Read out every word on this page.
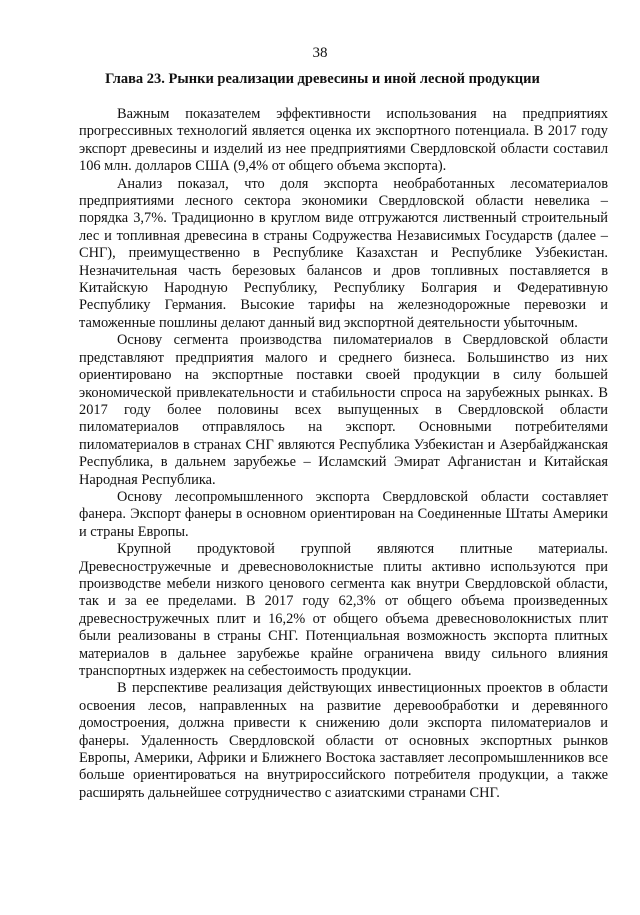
38
Глава 23. Рынки реализации древесины и иной лесной продукции

Важным показателем эффективности использования на предприятиях прогрессивных технологий является оценка их экспортного потенциала. В 2017 году экспорт древесины и изделий из нее предприятиями Свердловской области составил 106 млн. долларов США (9,4% от общего объема экспорта).

Анализ показал, что доля экспорта необработанных лесоматериалов предприятиями лесного сектора экономики Свердловской области невелика – порядка 3,7%. Традиционно в круглом виде отгружаются лиственный строительный лес и топливная древесина в страны Содружества Независимых Государств (далее – СНГ), преимущественно в Республике Казахстан и Республике Узбекистан. Незначительная часть березовых балансов и дров топливных поставляется в Китайскую Народную Республику, Республику Болгария и Федеративную Республику Германия. Высокие тарифы на железнодорожные перевозки и таможенные пошлины делают данный вид экспортной деятельности убыточным.

Основу сегмента производства пиломатериалов в Свердловской области представляют предприятия малого и среднего бизнеса. Большинство из них ориентировано на экспортные поставки своей продукции в силу большей экономической привлекательности и стабильности спроса на зарубежных рынках. В 2017 году более половины всех выпущенных в Свердловской области пиломатериалов отправлялось на экспорт. Основными потребителями пиломатериалов в странах СНГ являются Республика Узбекистан и Азербайджанская Республика, в дальнем зарубежье – Исламский Эмират Афганистан и Китайская Народная Республика.

Основу лесопромышленного экспорта Свердловской области составляет фанера. Экспорт фанеры в основном ориентирован на Соединенные Штаты Америки и страны Европы.

Крупной продуктовой группой являются плитные материалы. Древесностружечные и древесноволокнистые плиты активно используются при производстве мебели низкого ценового сегмента как внутри Свердловской области, так и за ее пределами. В 2017 году 62,3% от общего объема произведенных древесностружечных плит и 16,2% от общего объема древесноволокнистых плит были реализованы в страны СНГ. Потенциальная возможность экспорта плитных материалов в дальнее зарубежье крайне ограничена ввиду сильного влияния транспортных издержек на себестоимость продукции.

В перспективе реализация действующих инвестиционных проектов в области освоения лесов, направленных на развитие деревообработки и деревянного домостроения, должна привести к снижению доли экспорта пиломатериалов и фанеры. Удаленность Свердловской области от основных экспортных рынков Европы, Америки, Африки и Ближнего Востока заставляет лесопромышленников все больше ориентироваться на внутрироссийского потребителя продукции, а также расширять дальнейшее сотрудничество с азиатскими странами СНГ.
